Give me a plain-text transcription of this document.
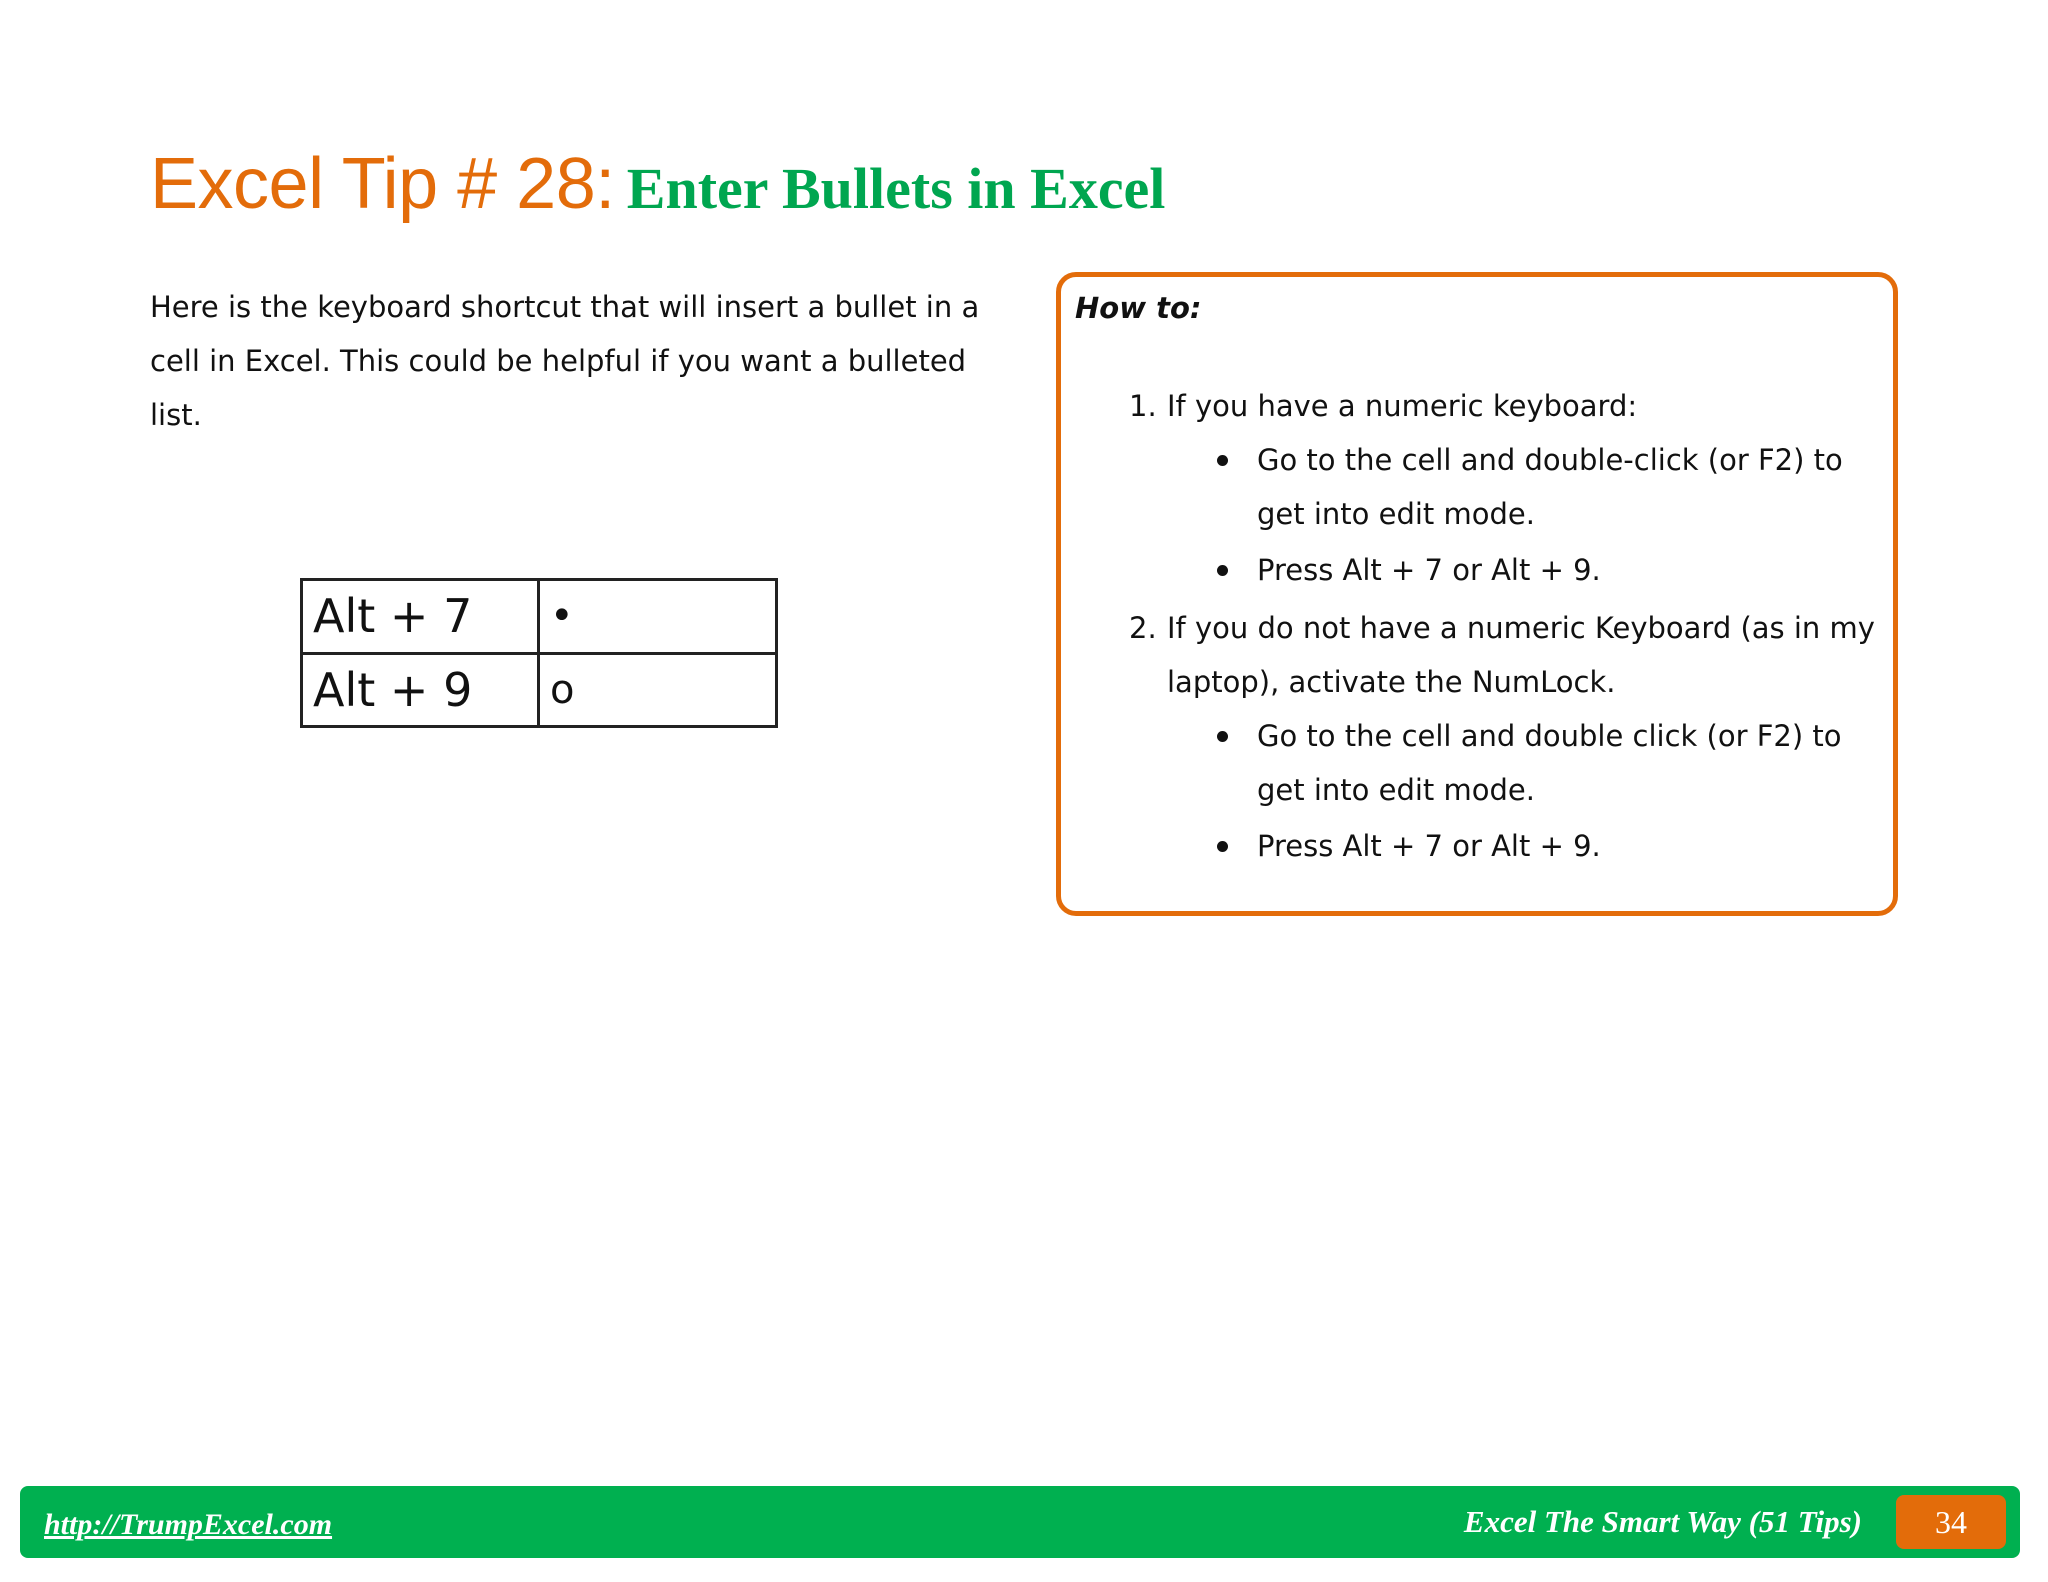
Excel Tip # 28: Enter Bullets in Excel
Here is the keyboard shortcut that will insert a bullet in a cell in Excel. This could be helpful if you want a bulleted list.
Alt + 7	•
Alt + 9	o
How to:
1. If you have a numeric keyboard:
Go to the cell and double-click (or F2) to get into edit mode.
Press Alt + 7 or Alt + 9.
2. If you do not have a numeric Keyboard (as in my laptop), activate the NumLock.
Go to the cell and double click (or F2) to get into edit mode.
Press Alt + 7 or Alt + 9.
http://TrumpExcel.com	Excel The Smart Way (51 Tips)	34
